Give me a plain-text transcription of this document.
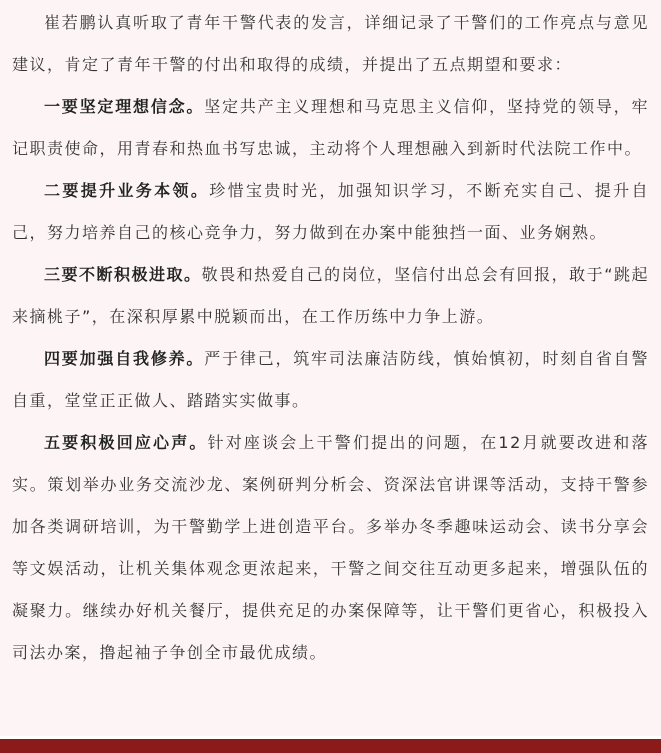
崔若鹏认真听取了青年干警代表的发言，详细记录了干警们的工作亮点与意见建议，肯定了青年干警的付出和取得的成绩，并提出了五点期望和要求：

一要坚定理想信念。坚定共产主义理想和马克思主义信仰，坚持党的领导，牢记职责使命，用青春和热血书写忠诚，主动将个人理想融入到新时代法院工作中。

二要提升业务本领。珍惜宝贵时光，加强知识学习，不断充实自己、提升自己，努力培养自己的核心竞争力，努力做到在办案中能独挡一面、业务娴熟。

三要不断积极进取。敬畏和热爱自己的岗位，坚信付出总会有回报，敢于“跳起来摘桃子”，在深积厚累中脱颖而出，在工作历练中力争上游。

四要加强自我修养。严于律己，筑牢司法廉洁防线，慎始慎初，时刻自省自警自重，堂堂正正做人、踏踏实实做事。

五要积极回应心声。针对座谈会上干警们提出的问题，在12月就要改进和落实。策划举办业务交流沙龙、案例研判分析会、资深法官讲课等活动，支持干警参加各类调研培训，为干警勤学上进创造平台。多举办冬季趣味运动会、读书分享会等文娱活动，让机关集体观念更浓起来，干警之间交往互动更多起来，增强队伍的凝聚力。继续办好机关餐厅，提供充足的办案保障等，让干警们更省心，积极投入司法办案，撸起袖子争创全市最优成绩。
